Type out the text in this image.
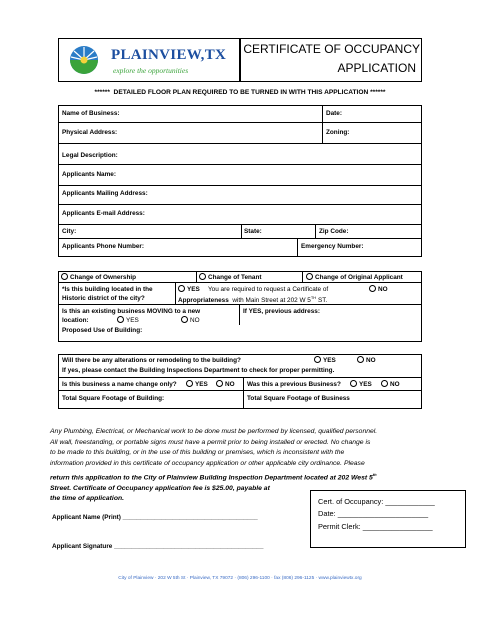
PLAINVIEW,TX
explore the opportunities
CERTIFICATE OF OCCUPANCY
APPLICATION
******  DETAILED FLOOR PLAN REQUIRED TO BE TURNED IN WITH THIS APPLICATION ******
Name of Business:	Date:
Physical Address:	Zoning:
Legal Description:
Applicants Name:
Applicants Mailing Address:
Applicants E-mail Address:
City:	State:	Zip Code:
Applicants Phone Number:	Emergency Number:
Change of Ownership	Change of Tenant	Change of Original Applicant
*Is this building located in the
Historic district of the city?
YES You are required to request a Certificate of
Appropriateness with Main Street at 202 W 5TH ST.
NO
Is this an existing business MOVING to a new
location:	YES	NO
If YES, previous address:
Proposed Use of Building:
Will there be any alterations or remodeling to the building?	YES	NO
If yes, please contact the Building Inspections Department to check for proper permitting.
Is this business a name change only?	YES	NO Was this a previous Business?	YES	NO
Total Square Footage of Building:	Total Square Footage of Business
Any Plumbing, Electrical, or Mechanical work to be done must be performed by licensed, qualified personnel.
All wall, freestanding, or portable signs must have a permit prior to being installed or erected. No change is
to be made to this building, or in the use of this building or premises, which is inconsistent with the
information provided in this certificate of occupancy application or other applicable city ordinance. Please
return this application to the City of Plainview Building Inspection Department located at 202 West 5th
Street. Certificate of Occupancy application fee is $25.00, payable at
the time of application.
Applicant Name (Print) ______________________________________
Applicant Signature __________________________________________
Cert. of Occupancy: ____________
Date: ______________________
Permit Clerk: _________________
City of Plainview · 202 W 5th St · Plainview, TX 79072 · (806) 296-1100 · fax (806) 296-1125 · www.plainviewtx.org
